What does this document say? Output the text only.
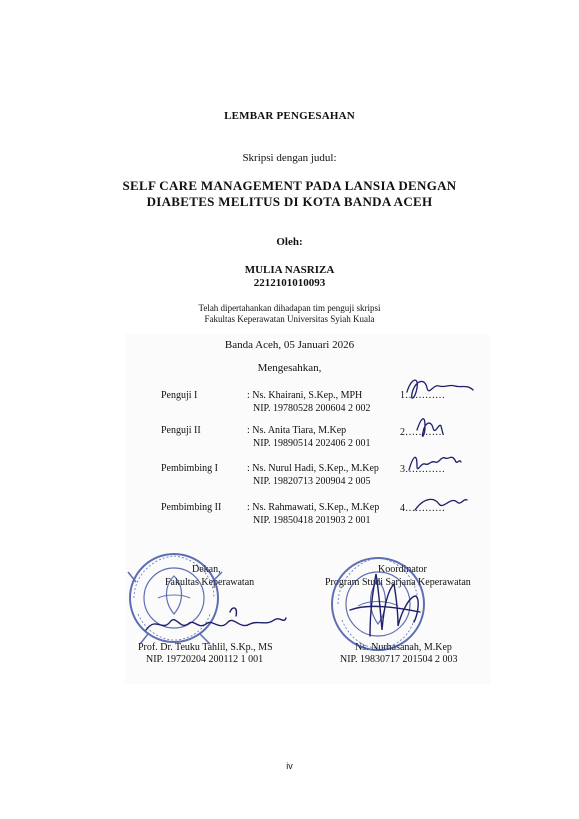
LEMBAR PENGESAHAN
Skripsi dengan judul:
SELF CARE MANAGEMENT PADA LANSIA DENGAN
DIABETES MELITUS DI KOTA BANDA ACEH
Oleh:
MULIA NASRIZA
2212101010093
Telah dipertahankan dihadapan tim penguji skripsi
Fakultas Keperawatan Universitas Syiah Kuala
Banda Aceh, 05 Januari 2026
Mengesahkan,
Penguji I	: Ns. Khairani, S.Kep., MPH
NIP. 19780528 200604 2 002
1…………
Penguji II	: Ns. Anita Tiara, M.Kep
NIP. 19890514 202406 2 001
2…………
Pembimbing I	: Ns. Nurul Hadi, S.Kep., M.Kep
NIP. 19820713 200904 2 005
3…………
Pembimbing II	: Ns. Rahmawati, S.Kep., M.Kep
NIP. 19850418 201903 2 001
4…………
Dekan,
Fakultas Keperawatan
Prof. Dr. Teuku Tahlil, S.Kp., MS
NIP. 19720204 200112 1 001
Koordinator
Program Studi Sarjana Keperawatan
Ns. Nurhasanah, M.Kep
NIP. 19830717 201504 2 003
iv
